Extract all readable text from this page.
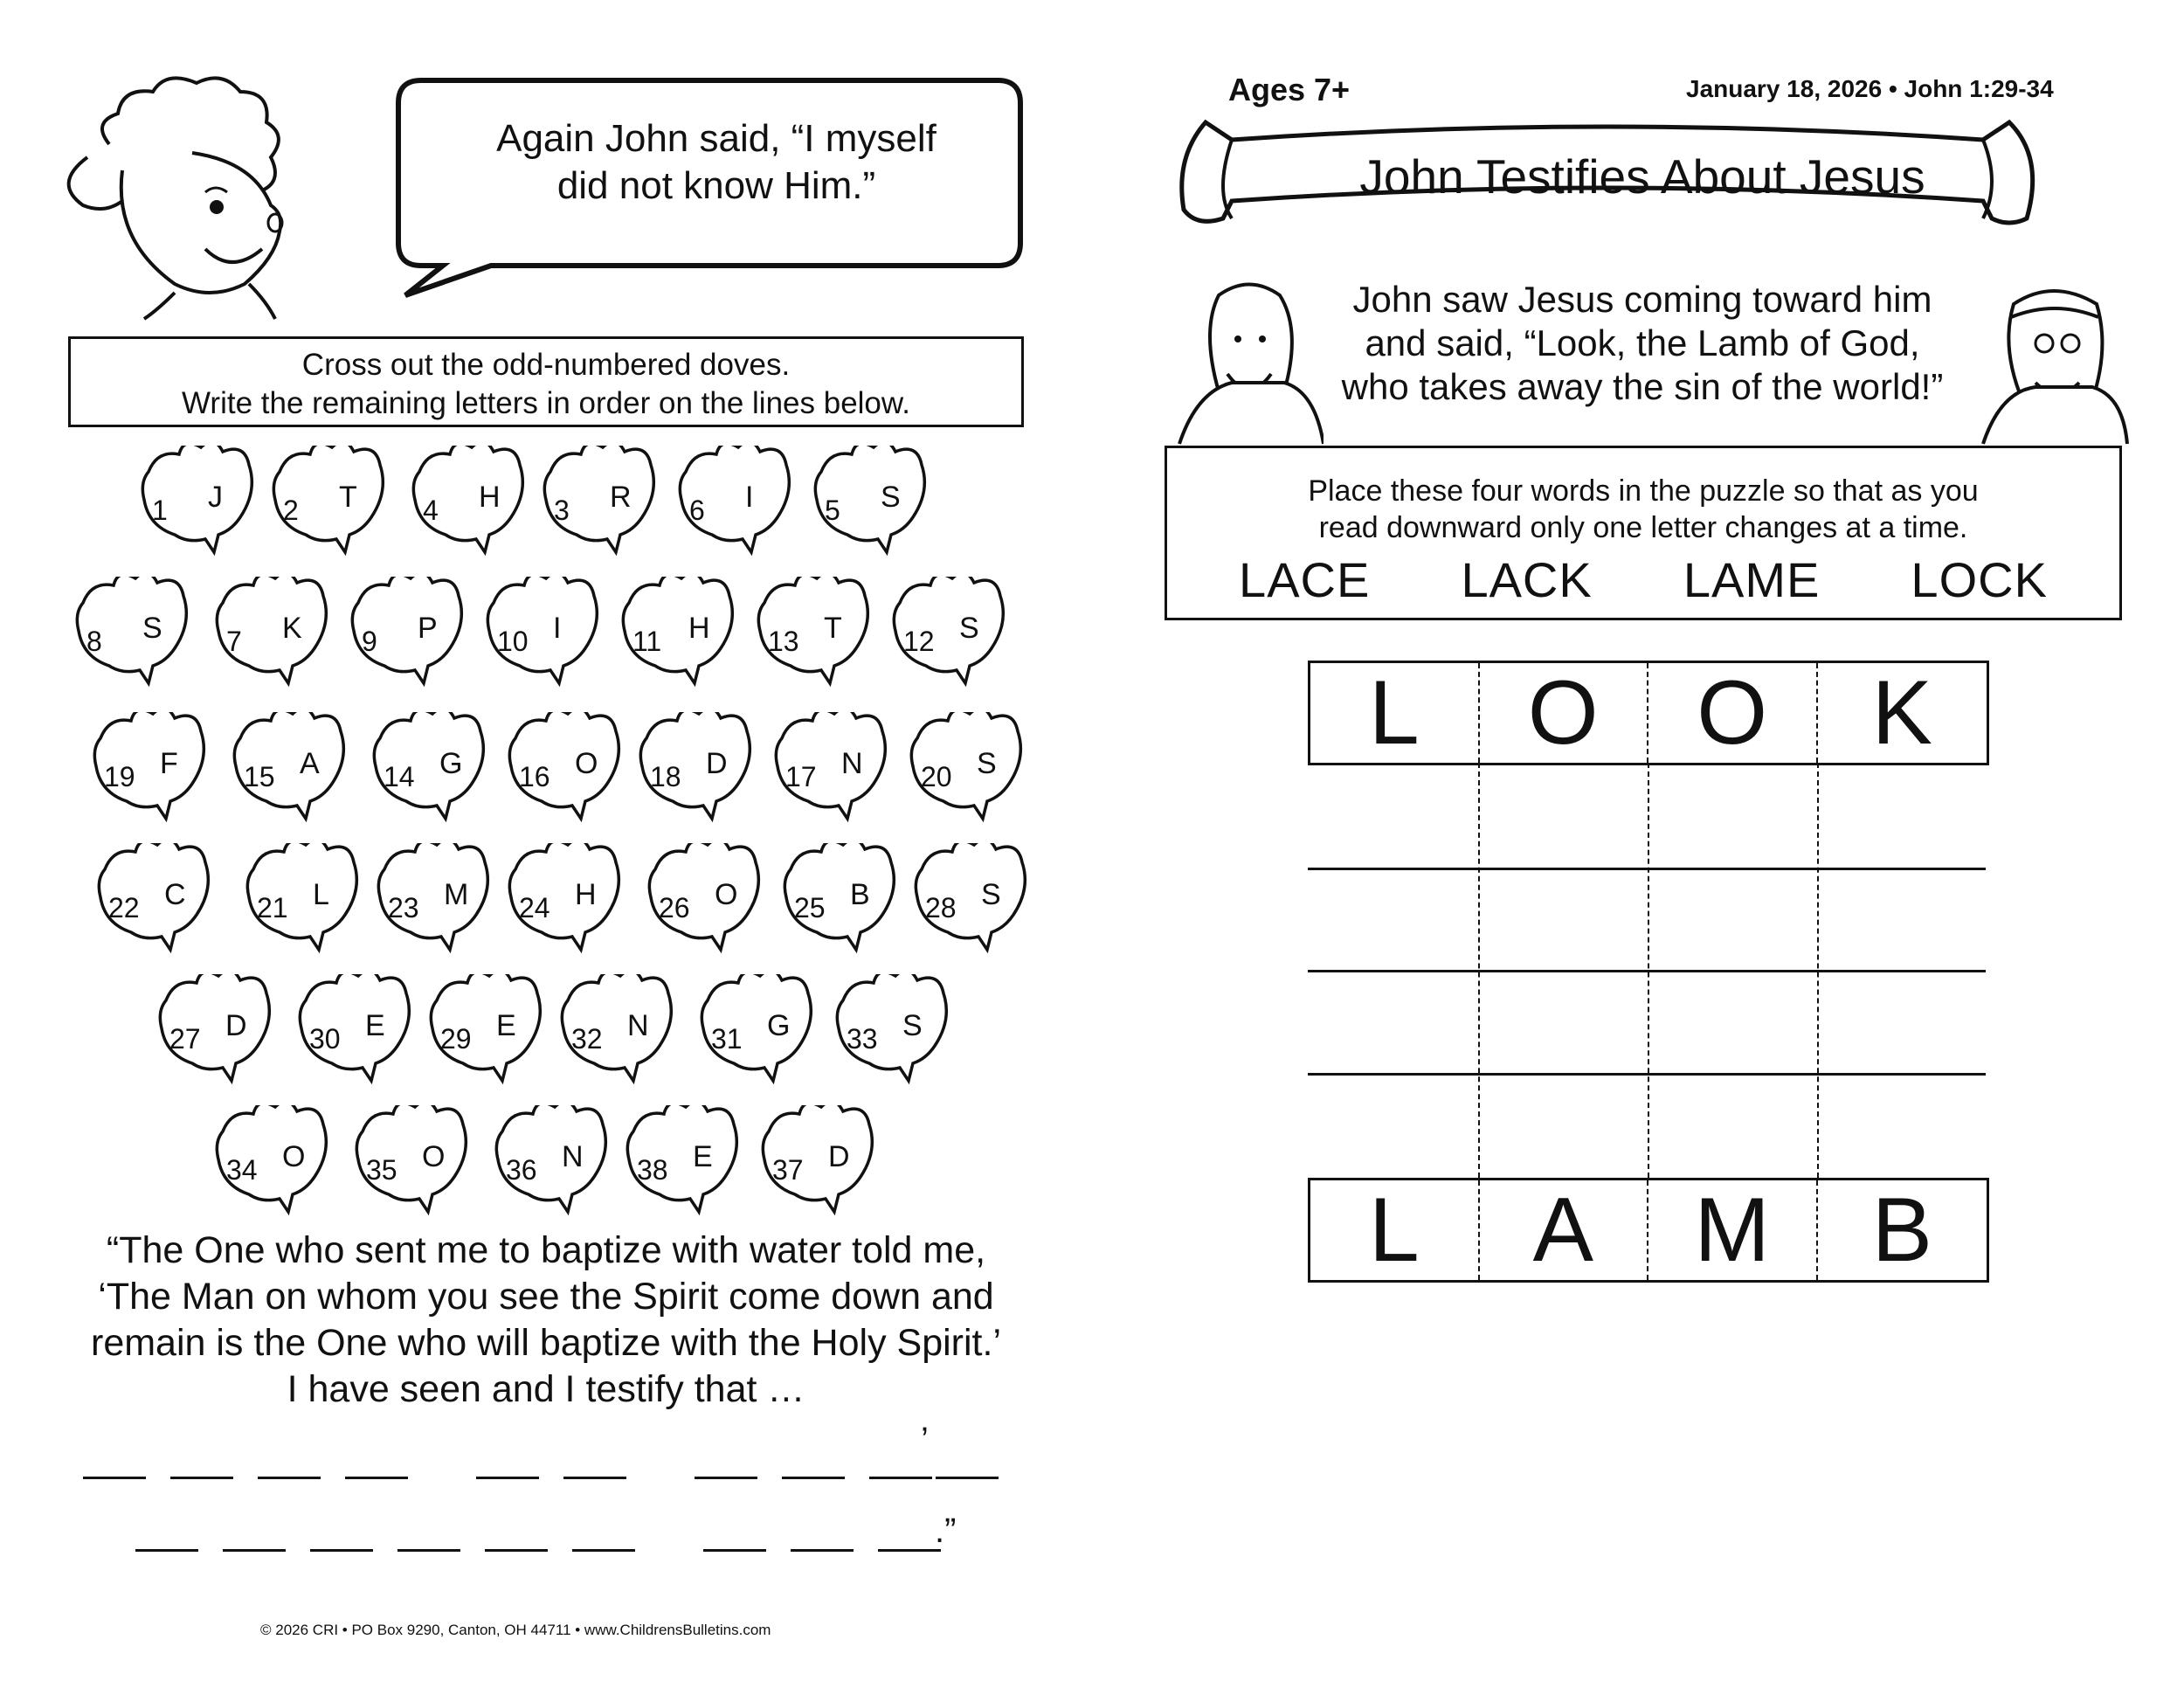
Again John said, “I myself
did not know Him.”
Cross out the odd-numbered doves.
Write the remaining letters in order on the lines below.
1 J 2 T 4 H 3 R 6 I	5 S
8 S 7 K 9 P 10 I	11 H 13 T 12 S
19 F 15 A 14 G 16 O 18 D 17 N 20 S
22 C	21 L 23 M 24 H 26 O 25 B 28 S
27 D 30 E 29 E 32 N 31 G 33 S
34 O 35 O 36 N 38 E 37 D
“The One who sent me to baptize with water told me,
‘The Man on whom you see the Spirit come down and
remain is the One who will baptize with the Holy Spirit.’
I have seen and I testify that …
’
.”
© 2026 CRI • PO Box 9290, Canton, OH 44711 • www.ChildrensBulletins.com
Ages 7+	January 18, 2026 • John 1:29-34
John Testifies About Jesus
John saw Jesus coming toward him
and said, “Look, the Lamb of God,
who takes away the sin of the world!”
Place these four words in the puzzle so that as you
read downward only one letter changes at a time.
LACE LACK LAME LOCK
L	O	O	K
L	A	M	B
